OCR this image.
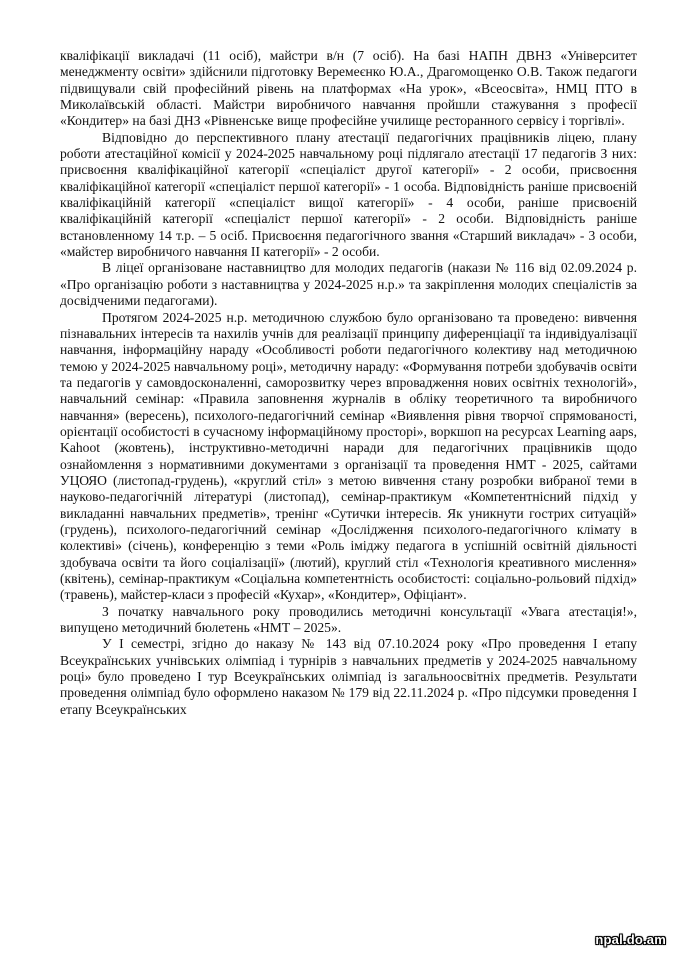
кваліфікації викладачі (11 осіб), майстри в/н (7 осіб). На базі НАПН ДВНЗ «Університет менеджменту освіти» здійснили підготовку Веремеєнко Ю.А., Драгомощенко О.В. Також педагоги підвищували свій професійний рівень на платформах «На урок», «Всеосвіта», НМЦ ПТО в Миколаївській області. Майстри виробничого навчання пройшли стажування з професії «Кондитер» на базі ДНЗ «Рівненське вище професійне училище ресторанного сервісу і торгівлі».

Відповідно до перспективного плану атестації педагогічних працівників ліцею, плану роботи атестаційної комісії у 2024-2025 навчальному році підлягало атестації 17 педагогів З них: присвоєння кваліфікаційної категорії «спеціаліст другої категорії» - 2 особи, присвоєння кваліфікаційної категорії «спеціаліст першої категорії» - 1 особа. Відповідність раніше присвоєній кваліфікаційній категорії «спеціаліст вищої категорії» - 4 особи, раніше присвоєній кваліфікаційній категорії «спеціаліст першої категорії» - 2 особи. Відповідність раніше встановленному 14 т.р. – 5 осіб. Присвоєння педагогічного звання «Старший викладач» - 3 особи, «майстер виробничого навчання ІІ категорії» - 2 особи.

В ліцеї організоване наставництво для молодих педагогів (накази № 116 від 02.09.2024 р. «Про організацію роботи з наставництва у 2024-2025 н.р.» та закріплення молодих спеціалістів за досвідченими педагогами).

Протягом 2024-2025 н.р. методичною службою було організовано та проведено: вивчення пізнавальних інтересів та нахилів учнів для реалізації принципу диференціації та індивідуалізації навчання, інформаційну нараду «Особливості роботи педагогічного колективу над методичною темою у 2024-2025 навчальному році», методичну нараду: «Формування потреби здобувачів освіти та педагогів у самовдосконаленні, саморозвитку через впровадження нових освітніх технологій», навчальний семінар: «Правила заповнення журналів в обліку теоретичного та виробничого навчання» (вересень), психолого-педагогічний семінар «Виявлення рівня творчої спрямованості, орієнтації особистості в сучасному інформаційному просторі», воркшоп на ресурсах Learning aaps, Kahoot (жовтень), інструктивно-методичні наради для педагогічних працівників щодо ознайомлення з нормативними документами з організації та проведення НМТ - 2025, сайтами УЦОЯО (листопад-грудень), «круглий стіл» з метою вивчення стану розробки вибраної теми в науково-педагогічній літературі (листопад), семінар-практикум «Компетентнісний підхід у викладанні навчальних предметів», тренінг «Сутички інтересів. Як уникнути гострих ситуацій» (грудень), психолого-педагогічний семінар «Дослідження психолого-педагогічного клімату в колективі» (січень), конференцію з теми «Роль іміджу педагога в успішній освітній діяльності здобувача освіти та його соціалізації» (лютий), круглий стіл «Технологія креативного мислення» (квітень), семінар-практикум «Соціальна компетентність особистості: соціально-рольовий підхід» (травень), майстер-класи з професій «Кухар», «Кондитер», Офіціант».

З початку навчального року проводились методичні консультації «Увага атестація!», випущено методичний бюлетень «НМТ – 2025».

У І семестрі, згідно до наказу № 143 від 07.10.2024 року «Про проведення І етапу Всеукраїнських учнівських олімпіад і турнірів з навчальних предметів у 2024-2025 навчальному році» було проведено І тур Всеукраїнських олімпіад із загальноосвітніх предметів. Результати проведення олімпіад було оформлено наказом № 179 від 22.11.2024 р. «Про підсумки проведення І етапу Всеукраїнських

npal.do.am
